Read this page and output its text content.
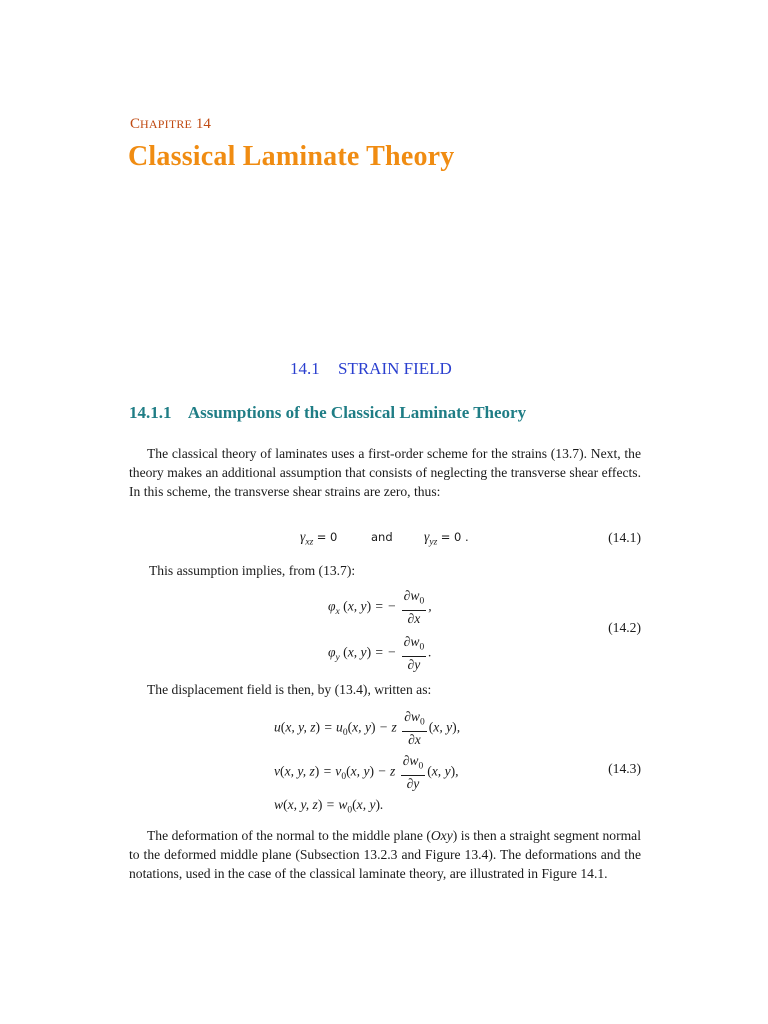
CHAPITRE 14
Classical Laminate Theory
14.1 STRAIN FIELD
14.1.1 Assumptions of the Classical Laminate Theory

The classical theory of laminates uses a first-order scheme for the strains (13.7). Next, the theory makes an additional assumption that consists of neglecting the transverse shear effects. In this scheme, the transverse shear strains are zero, thus:

$\gamma_{xz} = 0$	and $\gamma_{yz} = 0$ .	(14.1)

This assumption implies, from (13.7):

$\varphi_x$ (x, y) = − $\frac{\partial w_0}{\partial x}$ ,
$\varphi_y$ (x, y) = − $\frac{\partial w_0}{\partial y}$ .
(14.2)

The displacement field is then, by (13.4), written as:

u(x, y, $z) = u_0(x$, y) − z $\frac{\partial w_0}{\partial x} (x$, y),
v(x, y, $z) = v_0(x$, y) − z $\frac{\partial w_0}{\partial y} (x$, y),
w(x, y, $z) = w_0(x$, y).
(14.3)

The deformation of the normal to the middle plane (Oxy) is then a straight segment normal to the deformed middle plane (Subsection 13.2.3 and Figure 13.4). The deformations and the notations, used in the case of the classical laminate theory, are illustrated in Figure 14.1.
